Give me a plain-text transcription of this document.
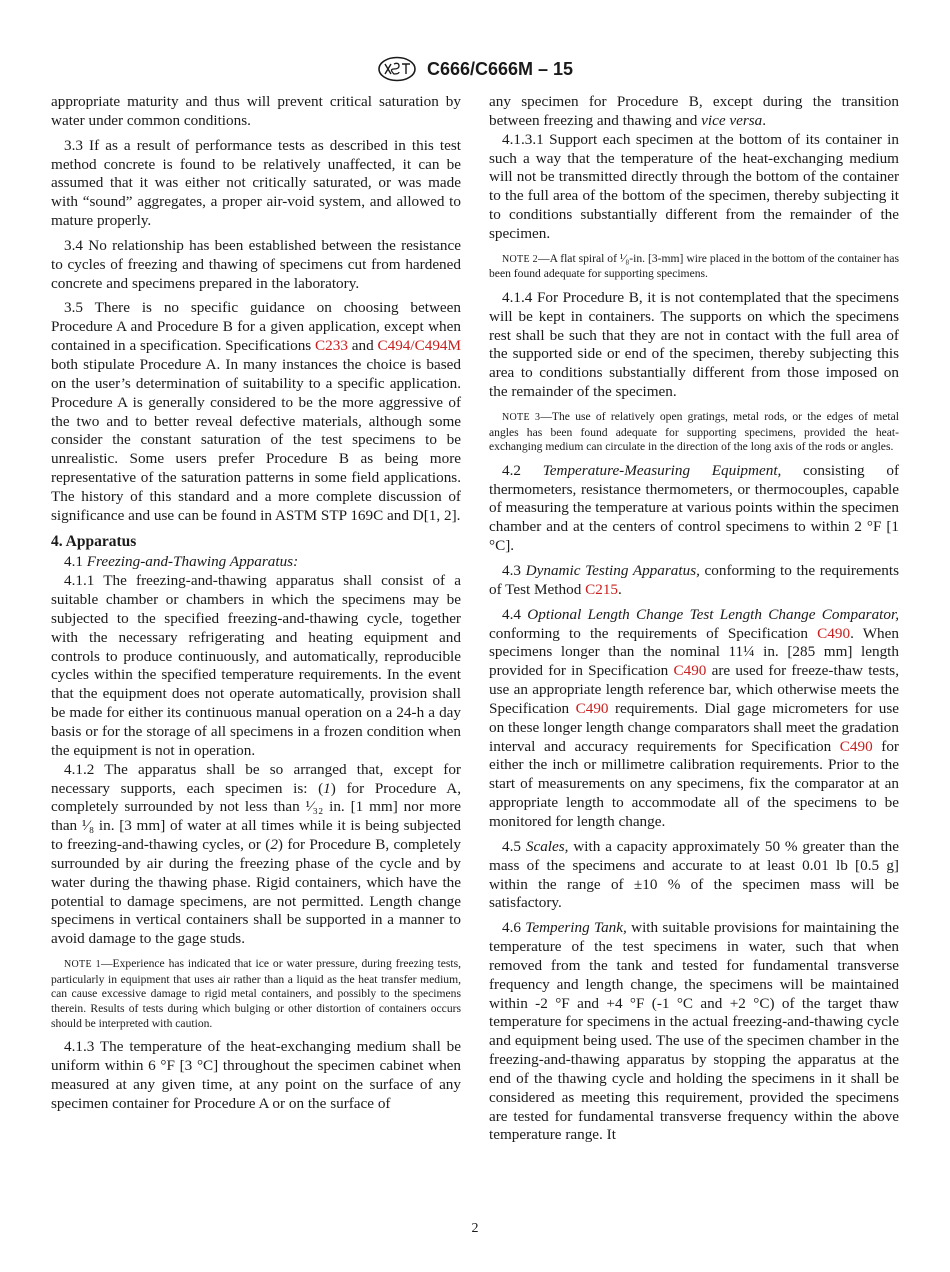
C666/C666M – 15

appropriate maturity and thus will prevent critical saturation by water under common conditions.

3.3 If as a result of performance tests as described in this test method concrete is found to be relatively unaffected, it can be assumed that it was either not critically saturated, or was made with “sound” aggregates, a proper air-void system, and allowed to mature properly.

3.4 No relationship has been established between the resistance to cycles of freezing and thawing of specimens cut from hardened concrete and specimens prepared in the laboratory.

3.5 There is no specific guidance on choosing between Procedure A and Procedure B for a given application, except when contained in a specification. Specifications C233 and C494/C494M both stipulate Procedure A. In many instances the choice is based on the user’s determination of suitability to a specific application. Procedure A is generally considered to be the more aggressive of the two and to better reveal defective materials, although some consider the constant saturation of the test specimens to be unrealistic. Some users prefer Procedure B as being more representative of the saturation patterns in some field applications. The history of this standard and a more complete discussion of significance and use can be found in ASTM STP 169C and D[1, 2].

4. Apparatus

4.1 Freezing-and-Thawing Apparatus:

4.1.1 The freezing-and-thawing apparatus shall consist of a suitable chamber or chambers in which the specimens may be subjected to the specified freezing-and-thawing cycle, together with the necessary refrigerating and heating equipment and controls to produce continuously, and automatically, reproducible cycles within the specified temperature requirements. In the event that the equipment does not operate automatically, provision shall be made for either its continuous manual operation on a 24-h a day basis or for the storage of all specimens in a frozen condition when the equipment is not in operation.

4.1.2 The apparatus shall be so arranged that, except for necessary supports, each specimen is: (1) for Procedure A, completely surrounded by not less than ¹⁄₃₂ in. [1 mm] nor more than ¹⁄₈ in. [3 mm] of water at all times while it is being subjected to freezing-and-thawing cycles, or (2) for Procedure B, completely surrounded by air during the freezing phase of the cycle and by water during the thawing phase. Rigid containers, which have the potential to damage specimens, are not permitted. Length change specimens in vertical containers shall be supported in a manner to avoid damage to the gage studs.

NOTE 1—Experience has indicated that ice or water pressure, during freezing tests, particularly in equipment that uses air rather than a liquid as the heat transfer medium, can cause excessive damage to rigid metal containers, and possibly to the specimens therein. Results of tests during which bulging or other distortion of containers occurs should be interpreted with caution.

4.1.3 The temperature of the heat-exchanging medium shall be uniform within 6 °F [3 °C] throughout the specimen cabinet when measured at any given time, at any point on the surface of any specimen container for Procedure A or on the surface of

any specimen for Procedure B, except during the transition between freezing and thawing and vice versa.

4.1.3.1 Support each specimen at the bottom of its container in such a way that the temperature of the heat-exchanging medium will not be transmitted directly through the bottom of the container to the full area of the bottom of the specimen, thereby subjecting it to conditions substantially different from the remainder of the specimen.

NOTE 2—A flat spiral of ¹⁄₈-in. [3-mm] wire placed in the bottom of the container has been found adequate for supporting specimens.

4.1.4 For Procedure B, it is not contemplated that the specimens will be kept in containers. The supports on which the specimens rest shall be such that they are not in contact with the full area of the supported side or end of the specimen, thereby subjecting this area to conditions substantially different from those imposed on the remainder of the specimen.

NOTE 3—The use of relatively open gratings, metal rods, or the edges of metal angles has been found adequate for supporting specimens, provided the heat-exchanging medium can circulate in the direction of the long axis of the rods or angles.

4.2 Temperature-Measuring Equipment, consisting of thermometers, resistance thermometers, or thermocouples, capable of measuring the temperature at various points within the specimen chamber and at the centers of control specimens to within 2 °F [1 °C].

4.3 Dynamic Testing Apparatus, conforming to the requirements of Test Method C215.

4.4 Optional Length Change Test Length Change Comparator, conforming to the requirements of Specification C490. When specimens longer than the nominal 11¼ in. [285 mm] length provided for in Specification C490 are used for freeze-thaw tests, use an appropriate length reference bar, which otherwise meets the Specification C490 requirements. Dial gage micrometers for use on these longer length change comparators shall meet the gradation interval and accuracy requirements for Specification C490 for either the inch or millimetre calibration requirements. Prior to the start of measurements on any specimens, fix the comparator at an appropriate length to accommodate all of the specimens to be monitored for length change.

4.5 Scales, with a capacity approximately 50 % greater than the mass of the specimens and accurate to at least 0.01 lb [0.5 g] within the range of ±10 % of the specimen mass will be satisfactory.

4.6 Tempering Tank, with suitable provisions for maintaining the temperature of the test specimens in water, such that when removed from the tank and tested for fundamental transverse frequency and length change, the specimens will be maintained within -2 °F and +4 °F (-1 °C and +2 °C) of the target thaw temperature for specimens in the actual freezing-and-thawing cycle and equipment being used. The use of the specimen chamber in the freezing-and-thawing apparatus by stopping the apparatus at the end of the thawing cycle and holding the specimens in it shall be considered as meeting this requirement, provided the specimens are tested for fundamental transverse frequency within the above temperature range. It

2
